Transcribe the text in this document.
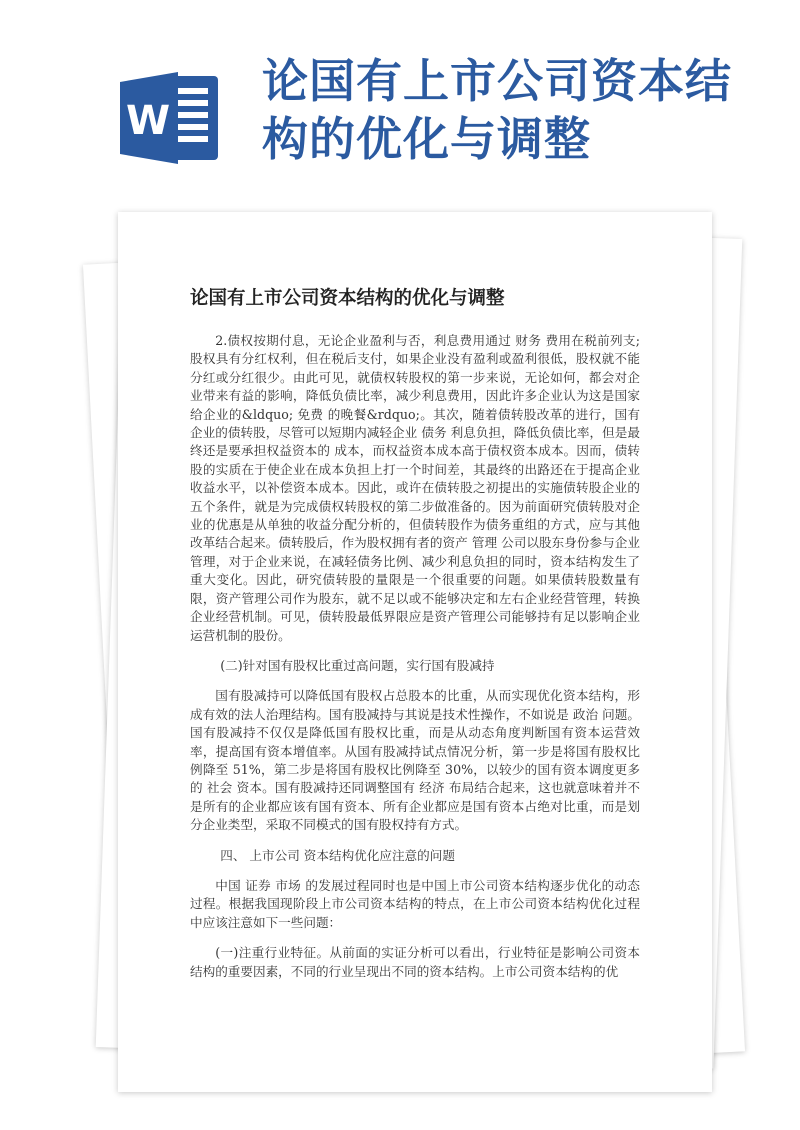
W
论国有上市公司资本结构的优化与调整
论国有上市公司资本结构的优化与调整

2.债权按期付息，无论企业盈利与否，利息费用通过 财务 费用在税前列支;股权具有分红权利，但在税后支付，如果企业没有盈利或盈利很低，股权就不能分红或分红很少。由此可见，就债权转股权的第一步来说，无论如何，都会对企业带来有益的影响，降低负债比率，减少利息费用，因此许多企业认为这是国家给企业的&ldquo; 免费 的晚餐&rdquo;。其次，随着债转股改革的进行，国有企业的债转股，尽管可以短期内减轻企业 债务 利息负担，降低负债比率，但是最终还是要承担权益资本的 成本，而权益资本成本高于债权资本成本。因而，债转股的实质在于使企业在成本负担上打一个时间差，其最终的出路还在于提高企业收益水平，以补偿资本成本。因此，或许在债转股之初提出的实施债转股企业的五个条件，就是为完成债权转股权的第二步做准备的。因为前面研究债转股对企业的优惠是从单独的收益分配分析的，但债转股作为债务重组的方式，应与其他改革结合起来。债转股后，作为股权拥有者的资产 管理 公司以股东身份参与企业管理，对于企业来说，在减轻债务比例、减少利息负担的同时，资本结构发生了重大变化。因此，研究债转股的量限是一个很重要的问题。如果债转股数量有限，资产管理公司作为股东，就不足以或不能够决定和左右企业经营管理，转换企业经营机制。可见，债转股最低界限应是资产管理公司能够持有足以影响企业运营机制的股份。

(二)针对国有股权比重过高问题，实行国有股减持

国有股减持可以降低国有股权占总股本的比重，从而实现优化资本结构，形成有效的法人治理结构。国有股减持与其说是技术性操作，不如说是 政治 问题。国有股减持不仅仅是降低国有股权比重，而是从动态角度判断国有资本运营效率，提高国有资本增值率。从国有股减持试点情况分析，第一步是将国有股权比例降至 51%，第二步是将国有股权比例降至 30%，以较少的国有资本调度更多的 社会 资本。国有股减持还同调整国有 经济 布局结合起来，这也就意味着并不是所有的企业都应该有国有资本、所有企业都应是国有资本占绝对比重，而是划分企业类型，采取不同模式的国有股权持有方式。

四、 上市公司 资本结构优化应注意的问题

中国 证券 市场 的发展过程同时也是中国上市公司资本结构逐步优化的动态过程。根据我国现阶段上市公司资本结构的特点，在上市公司资本结构优化过程中应该注意如下一些问题：

(一)注重行业特征。从前面的实证分析可以看出，行业特征是影响公司资本结构的重要因素，不同的行业呈现出不同的资本结构。上市公司资本结构的优
